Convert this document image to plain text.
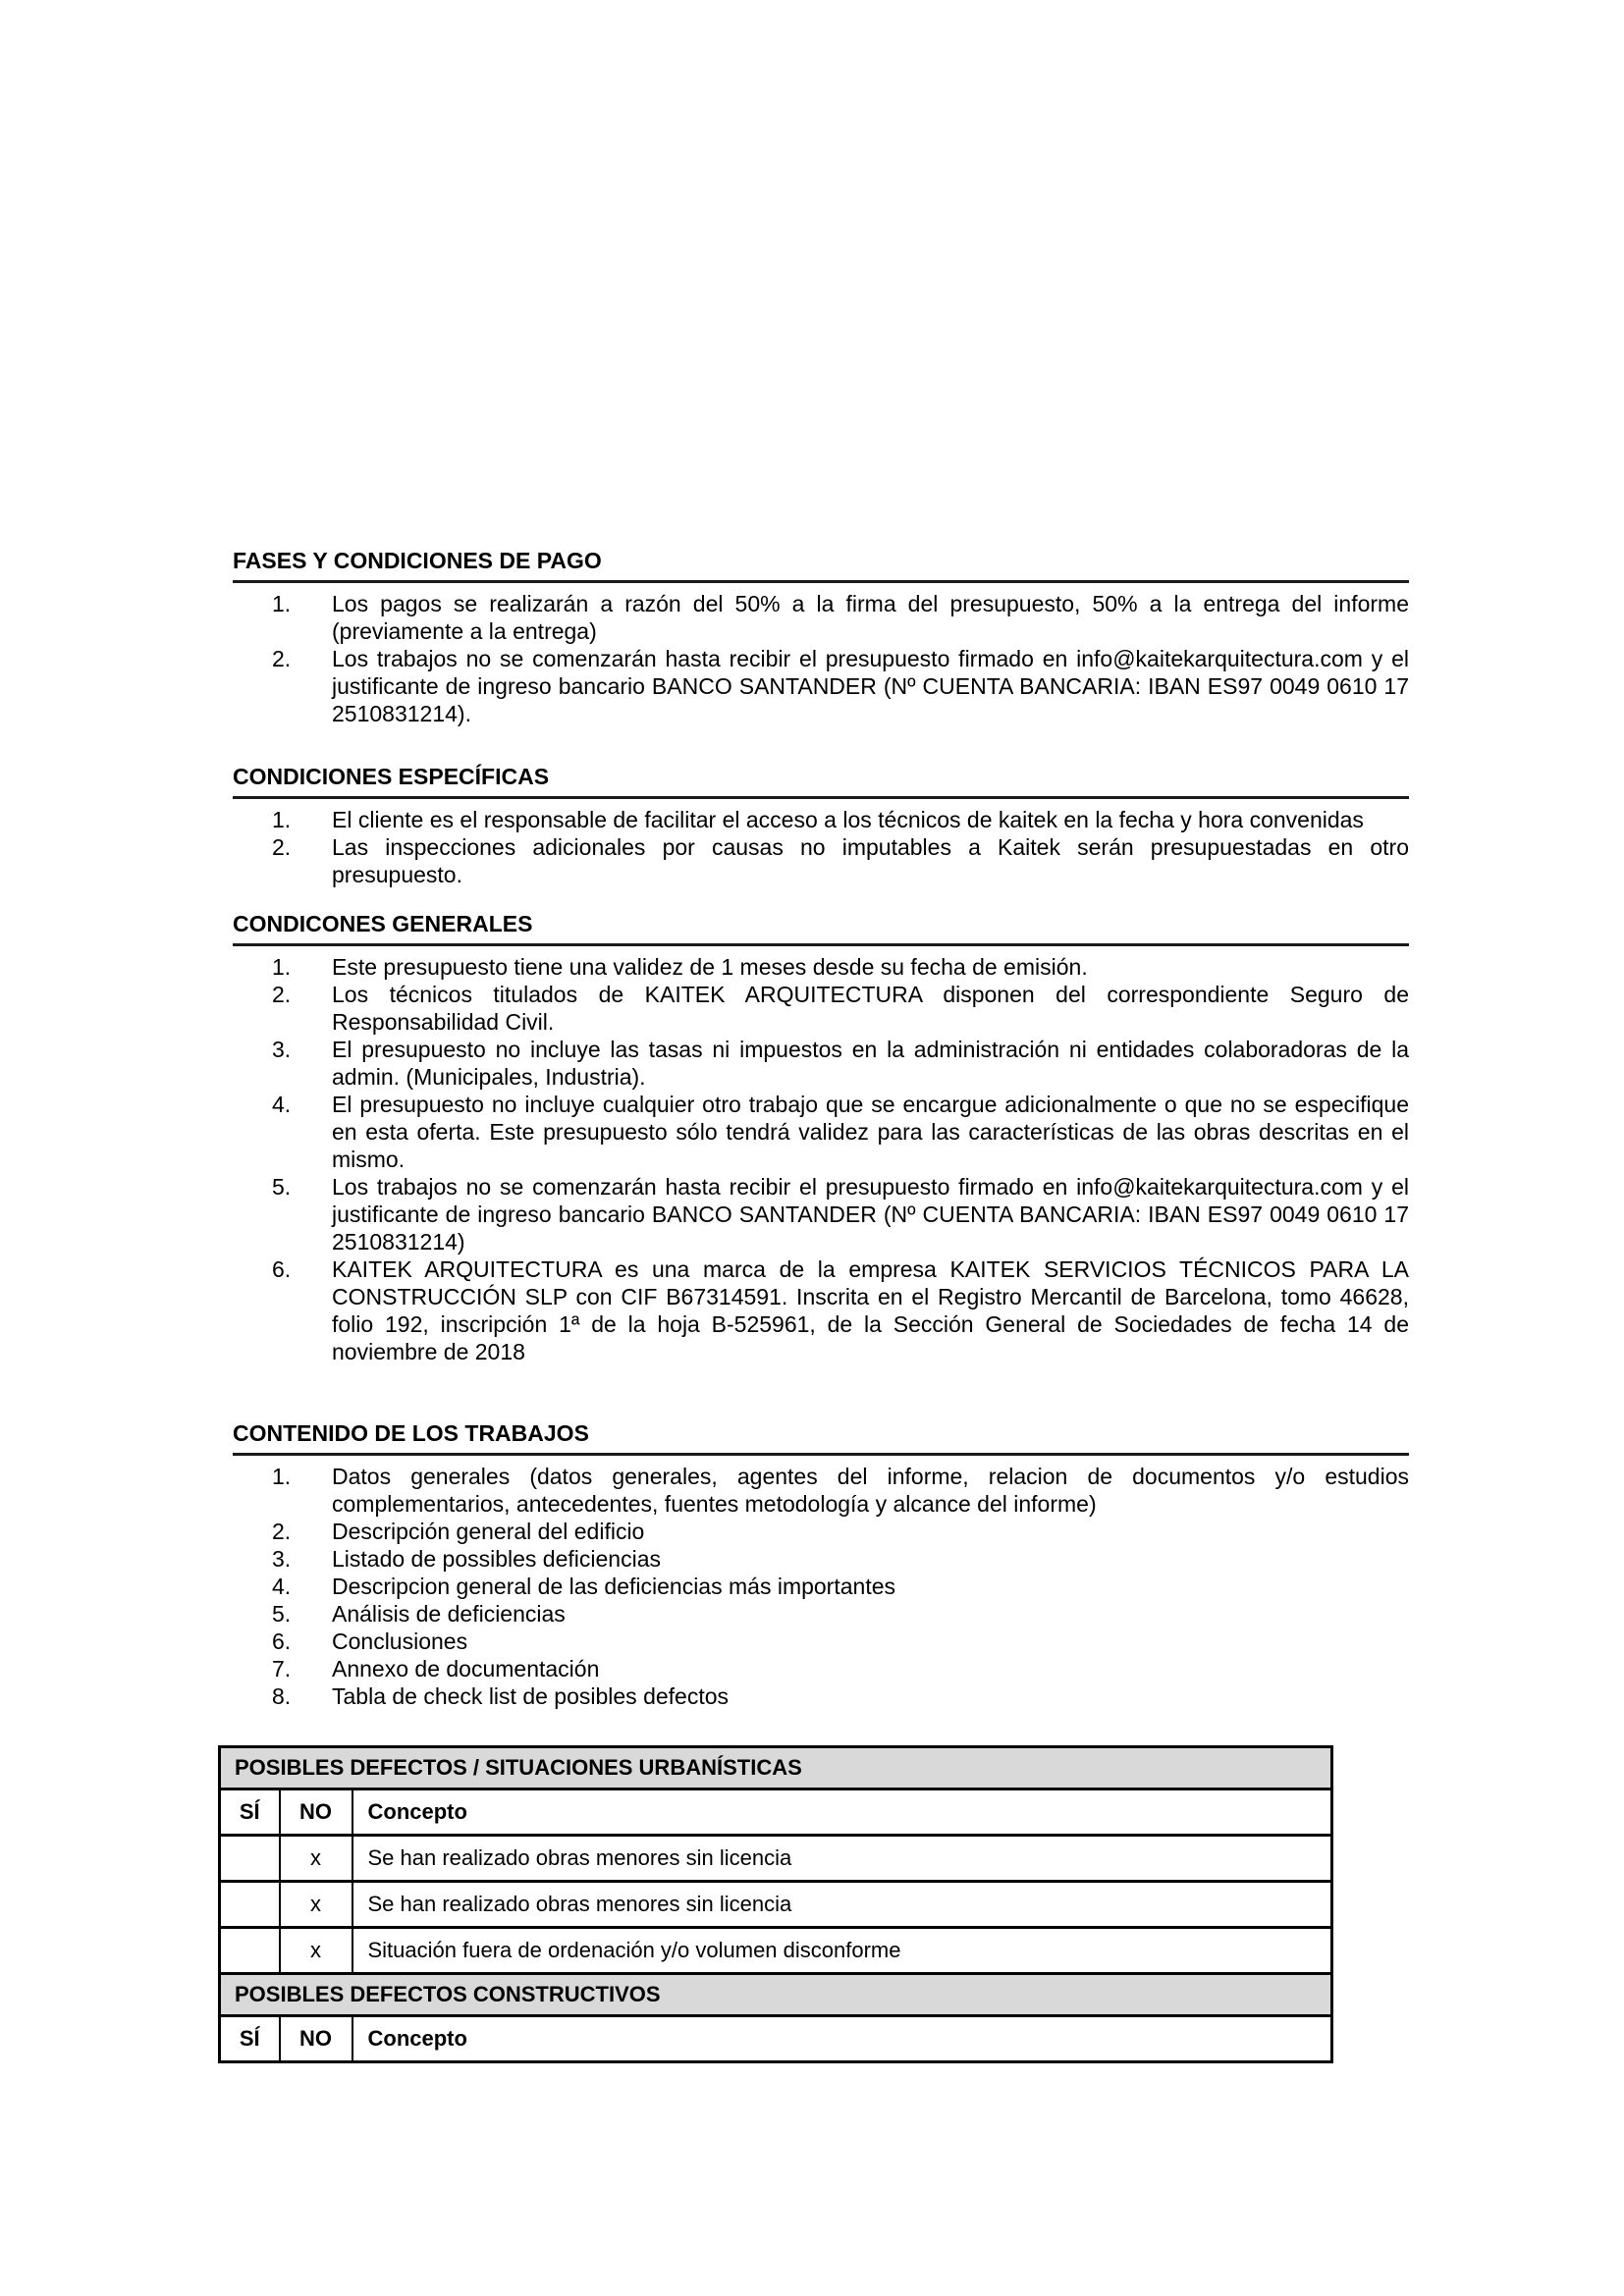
FASES Y CONDICIONES DE PAGO
1. Los pagos se realizarán a razón del 50% a la firma del presupuesto, 50% a la entrega del informe (previamente a la entrega)
2. Los trabajos no se comenzarán hasta recibir el presupuesto firmado en info@kaitekarquitectura.com y el justificante de ingreso bancario BANCO SANTANDER (Nº CUENTA BANCARIA: IBAN ES97 0049 0610 17 2510831214).
CONDICIONES ESPECÍFICAS
1. El cliente es el responsable de facilitar el acceso a los técnicos de kaitek en la fecha y hora convenidas
2. Las inspecciones adicionales por causas no imputables a Kaitek serán presupuestadas en otro presupuesto.
CONDICONES GENERALES
1. Este presupuesto tiene una validez de 1 meses desde su fecha de emisión.
2. Los técnicos titulados de KAITEK ARQUITECTURA disponen del correspondiente Seguro de Responsabilidad Civil.
3. El presupuesto no incluye las tasas ni impuestos en la administración ni entidades colaboradoras de la admin. (Municipales, Industria).
4. El presupuesto no incluye cualquier otro trabajo que se encargue adicionalmente o que no se especifique en esta oferta. Este presupuesto sólo tendrá validez para las características de las obras descritas en el mismo.
5. Los trabajos no se comenzarán hasta recibir el presupuesto firmado en info@kaitekarquitectura.com y el justificante de ingreso bancario BANCO SANTANDER (Nº CUENTA BANCARIA: IBAN ES97 0049 0610 17 2510831214)
6. KAITEK ARQUITECTURA es una marca de la empresa KAITEK SERVICIOS TÉCNICOS PARA LA CONSTRUCCIÓN SLP con CIF B67314591. Inscrita en el Registro Mercantil de Barcelona, tomo 46628, folio 192, inscripción 1ª de la hoja B-525961, de la Sección General de Sociedades de fecha 14 de noviembre de 2018
CONTENIDO DE LOS TRABAJOS
1. Datos generales (datos generales, agentes del informe, relacion de documentos y/o estudios complementarios, antecedentes, fuentes metodología y alcance del informe)
2. Descripción general del edificio
3. Listado de possibles deficiencias
4. Descripcion general de las deficiencias más importantes
5. Análisis de deficiencias
6. Conclusiones
7. Annexo de documentación
8. Tabla de check list de posibles defectos
POSIBLES DEFECTOS / SITUACIONES URBANÍSTICAS		
SÍ	NO	Concepto
	x	Se han realizado obras menores sin licencia
	x	Se han realizado obras menores sin licencia
	x	Situación fuera de ordenación y/o volumen disconforme
POSIBLES DEFECTOS CONSTRUCTIVOS		
SÍ	NO	Concepto
